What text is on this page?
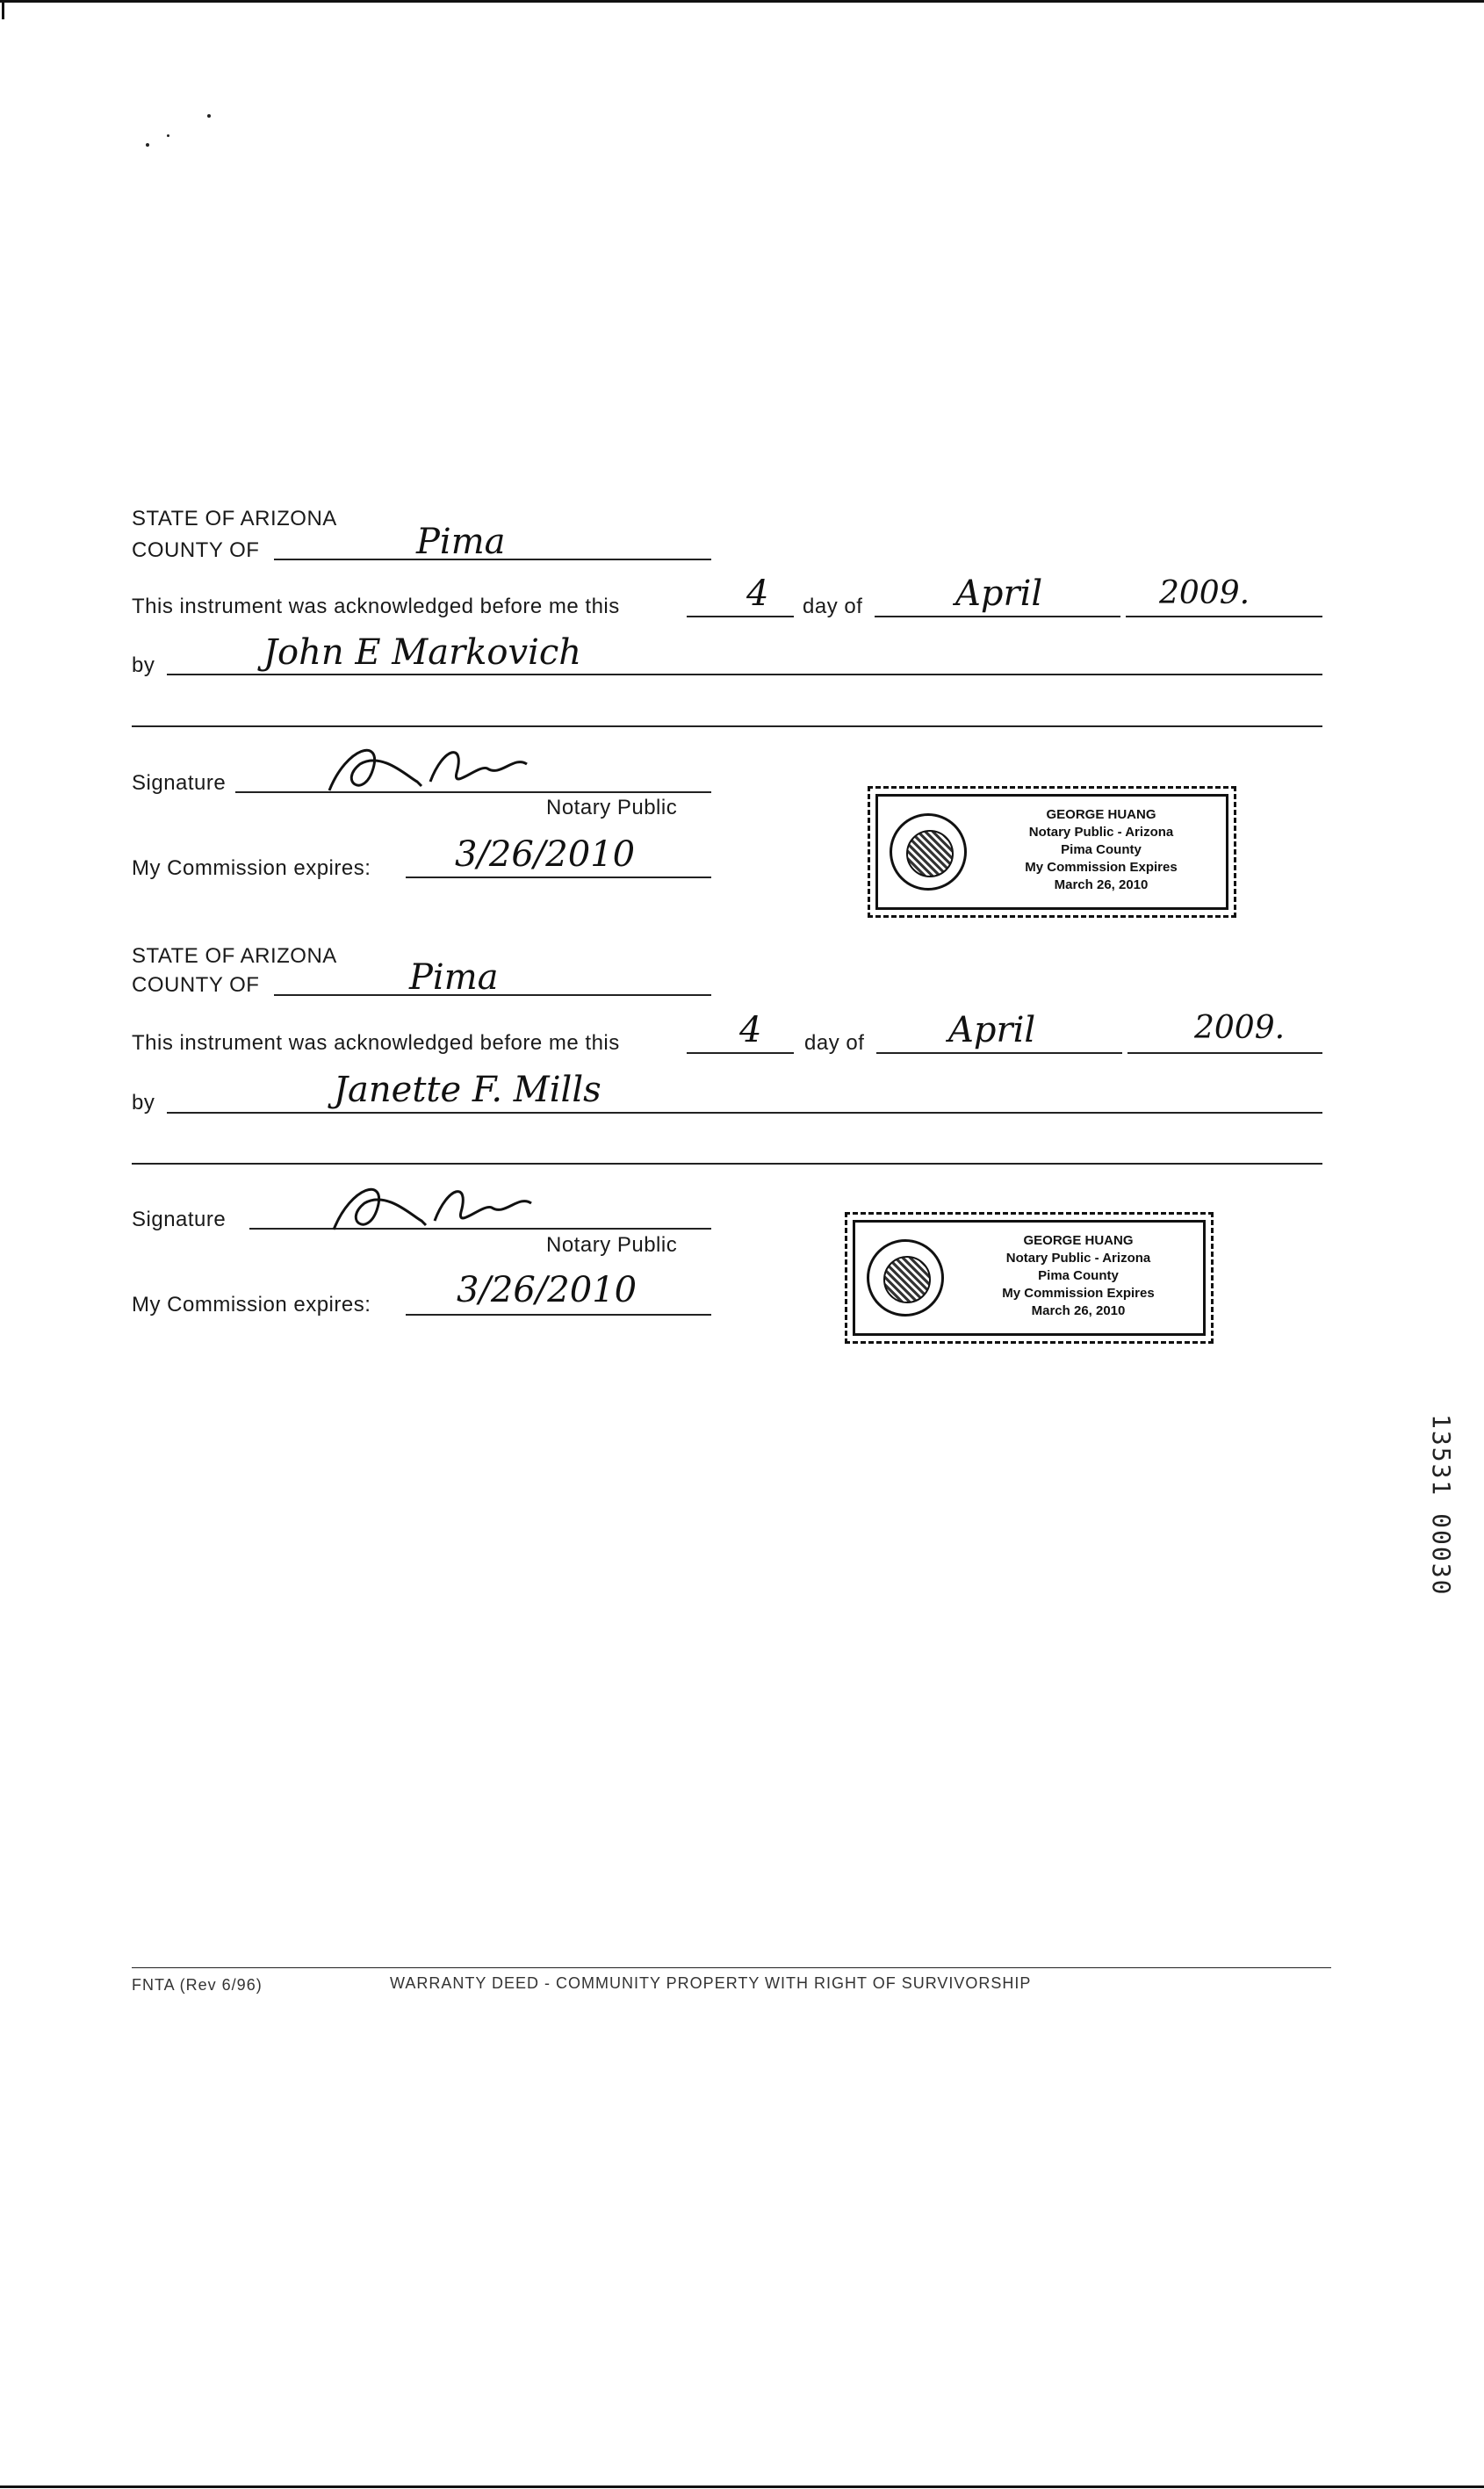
STATE OF ARIZONA
COUNTY OF	Pima
This instrument was acknowledged before me this	4 day of	April	2009.
by	John E Markovich
Signature
Notary Public
My Commission expires: 3/26/2010
GEORGE HUANG
Notary Public - Arizona
Pima County
My Commission Expires
March 26, 2010
STATE OF ARIZONA
COUNTY OF	Pima
This instrument was acknowledged before me this	4 day of April	2009.
by	Janette F. Mills
Signature
Notary Public
My Commission expires: 3/26/2010
GEORGE HUANG
Notary Public - Arizona
Pima County
My Commission Expires
March 26, 2010
13531 00030
FNTA (Rev 6/96)	WARRANTY DEED - COMMUNITY PROPERTY WITH RIGHT OF SURVIVORSHIP
